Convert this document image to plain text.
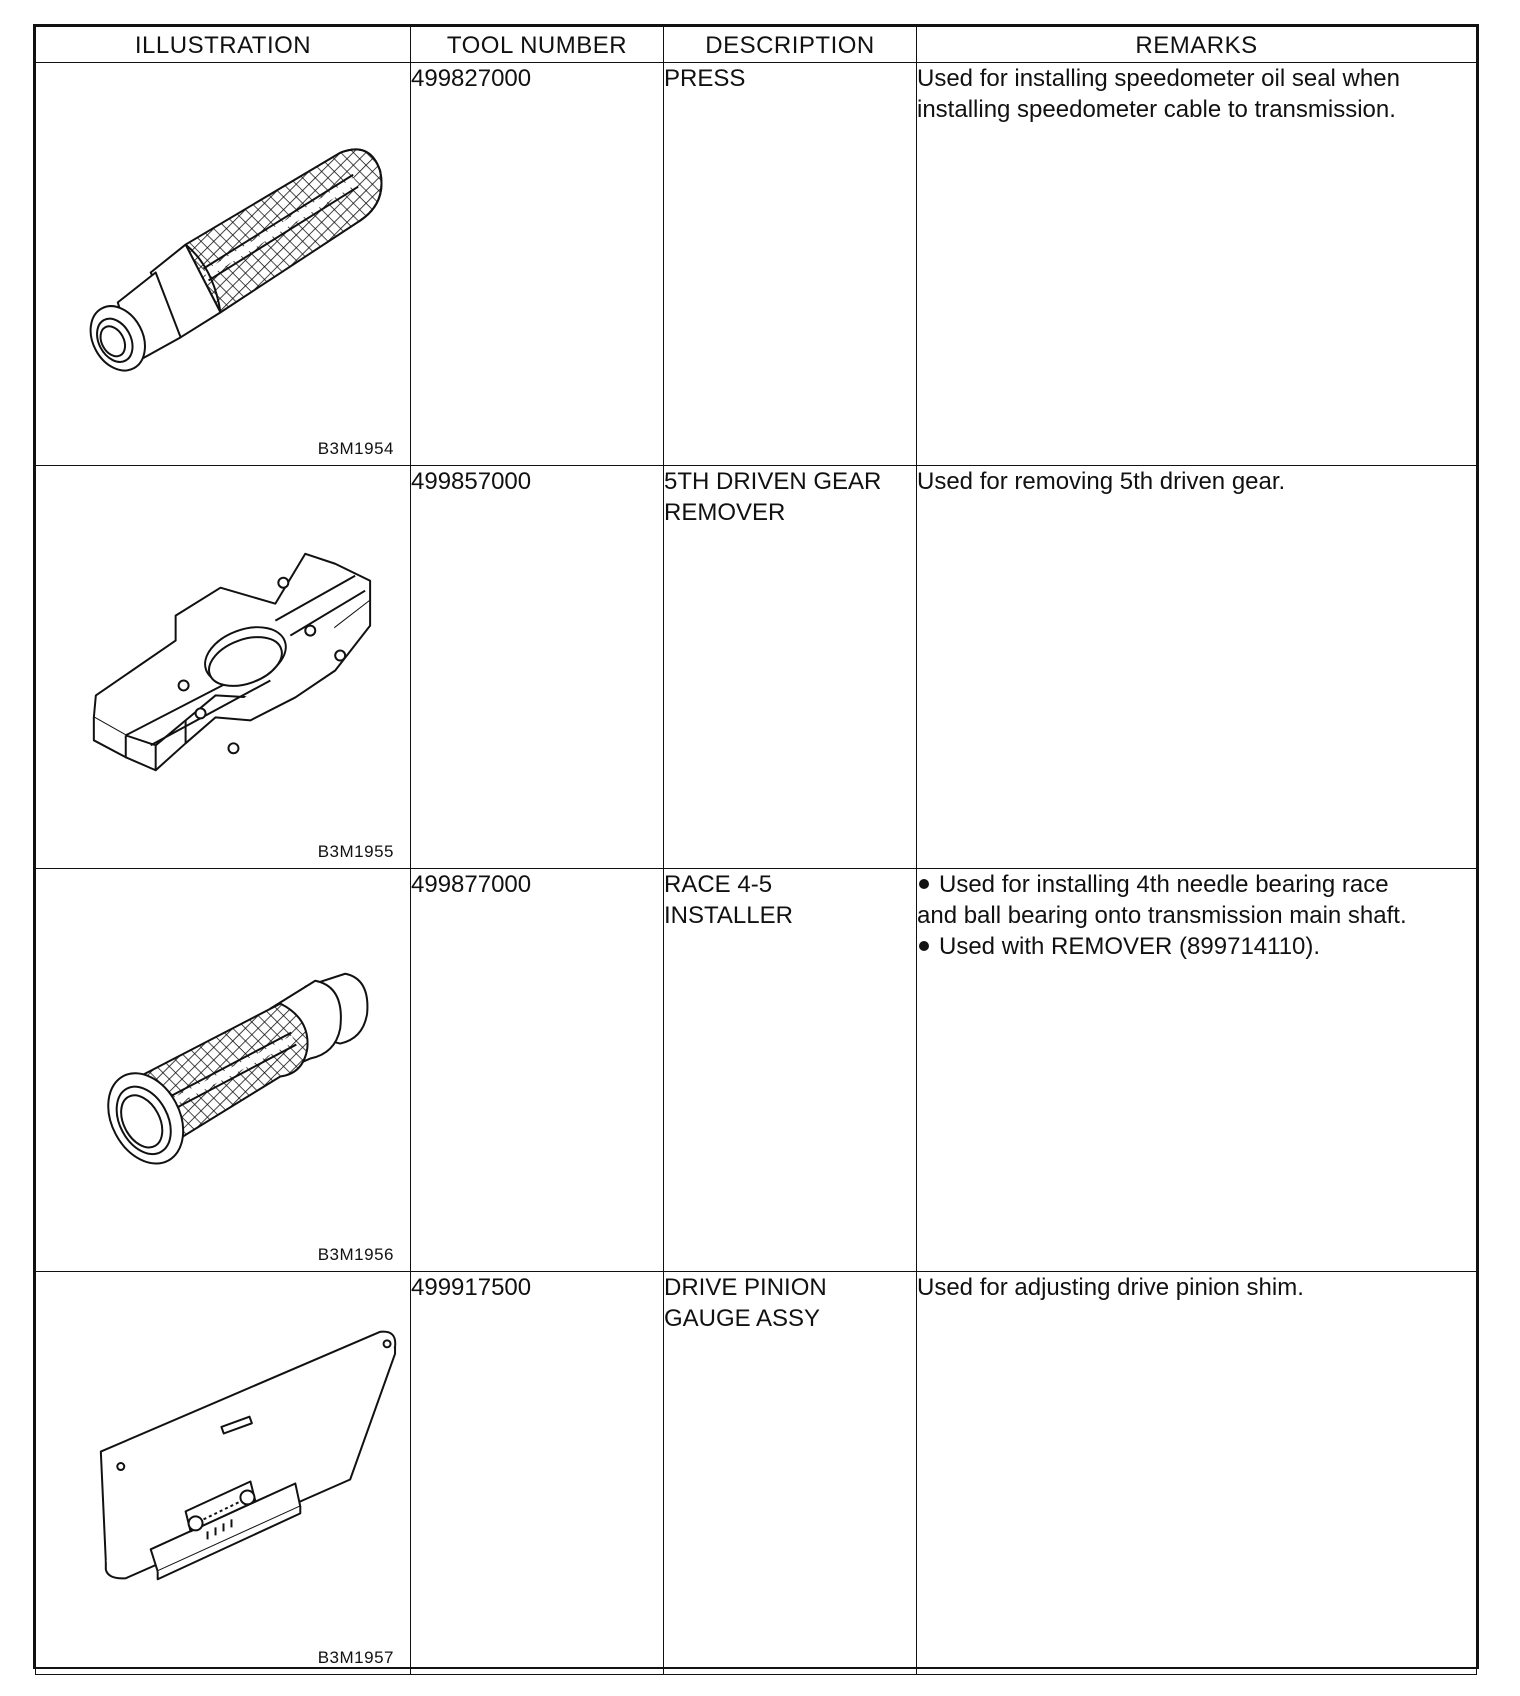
ILLUSTRATION	TOOL NUMBER	DESCRIPTION	REMARKS

B3M1954	499827000	PRESS	Used for installing speedometer oil seal when
installing speedometer cable to transmission.

B3M1955	499857000	5TH DRIVEN GEAR
REMOVER	Used for removing 5th driven gear.

B3M1956	499877000	RACE 4-5
INSTALLER	Used for installing 4th needle bearing race
and ball bearing onto transmission main shaft.
Used with REMOVER (899714110).

B3M1957	499917500	DRIVE PINION
GAUGE ASSY	Used for adjusting drive pinion shim.
